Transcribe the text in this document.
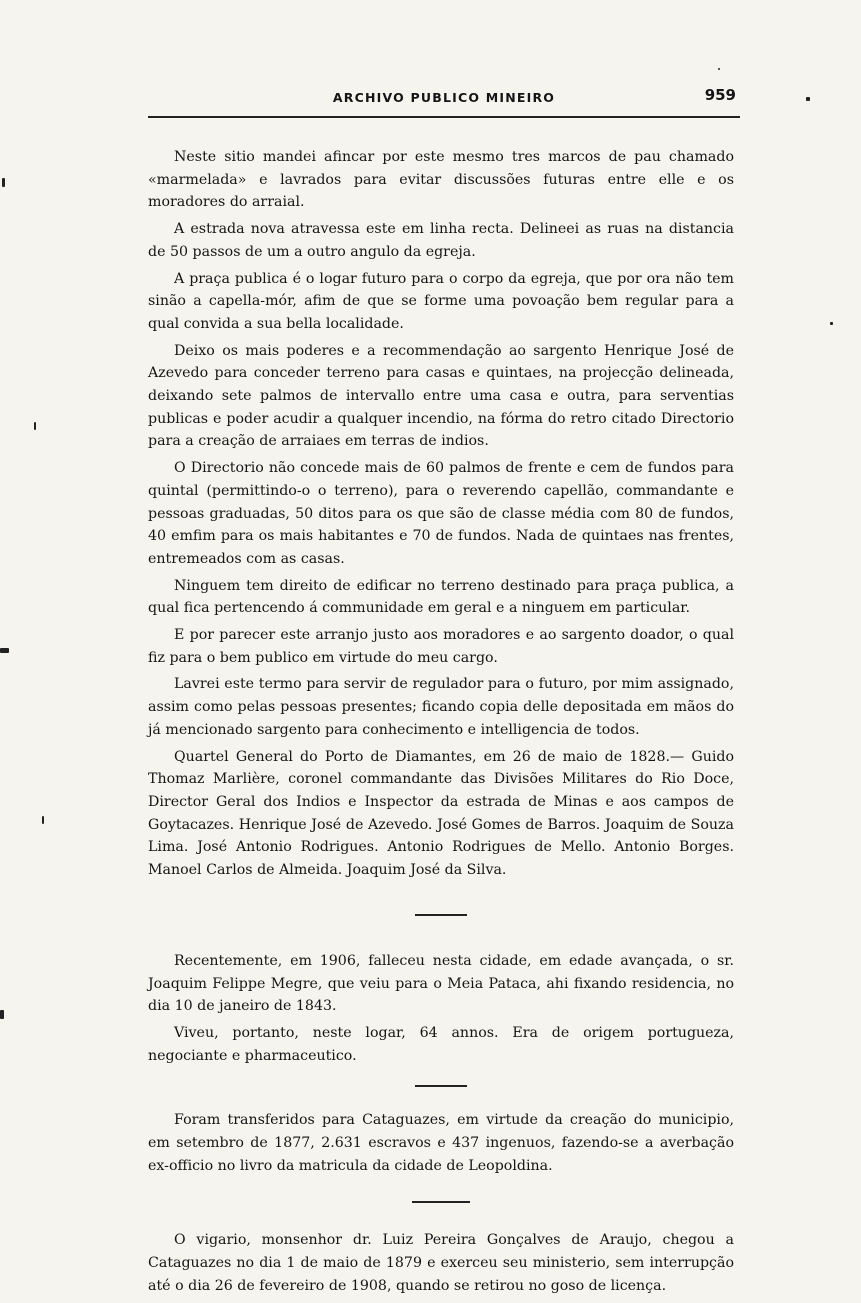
ARCHIVO PUBLICO MINEIRO	959

Neste sitio mandei afincar por este mesmo tres marcos de pau chamado «marmelada» e lavrados para evitar discussões futuras entre elle e os moradores do arraial.

A estrada nova atravessa este em linha recta. Delineei as ruas na distancia de 50 passos de um a outro angulo da egreja.

A praça publica é o logar futuro para o corpo da egreja, que por ora não tem sinão a capella-mór, afim de que se forme uma povoação bem regular para a qual convida a sua bella localidade.

Deixo os mais poderes e a recommendação ao sargento Henrique José de Azevedo para conceder terreno para casas e quintaes, na projecção delineada, deixando sete palmos de intervallo entre uma casa e outra, para serventias publicas e poder acudir a qualquer incendio, na fórma do retro citado Directorio para a creação de arraiaes em terras de indios.

O Directorio não concede mais de 60 palmos de frente e cem de fundos para quintal (permittindo-o o terreno), para o reverendo capellão, commandante e pessoas graduadas, 50 ditos para os que são de classe média com 80 de fundos, 40 emfim para os mais habitantes e 70 de fundos. Nada de quintaes nas frentes, entremeados com as casas.

Ninguem tem direito de edificar no terreno destinado para praça publica, a qual fica pertencendo á communidade em geral e a ninguem em particular.

E por parecer este arranjo justo aos moradores e ao sargento doador, o qual fiz para o bem publico em virtude do meu cargo.

Lavrei este termo para servir de regulador para o futuro, por mim assignado, assim como pelas pessoas presentes; ficando copia delle depositada em mãos do já mencionado sargento para conhecimento e intelligencia de todos.

Quartel General do Porto de Diamantes, em 26 de maio de 1828.— Guido Thomaz Marlière, coronel commandante das Divisões Militares do Rio Doce, Director Geral dos Indios e Inspector da estrada de Minas e aos campos de Goytacazes. Henrique José de Azevedo. José Gomes de Barros. Joaquim de Souza Lima. José Antonio Rodrigues. Antonio Rodrigues de Mello. Antonio Borges. Manoel Carlos de Almeida. Joaquim José da Silva.

Recentemente, em 1906, falleceu nesta cidade, em edade avançada, o sr. Joaquim Felippe Megre, que veiu para o Meia Pataca, ahi fixando residencia, no dia 10 de janeiro de 1843.

Viveu, portanto, neste logar, 64 annos. Era de origem portugueza, negociante e pharmaceutico.

Foram transferidos para Cataguazes, em virtude da creação do municipio, em setembro de 1877, 2.631 escravos e 437 ingenuos, fazendo-se a averbação ex-officio no livro da matricula da cidade de Leopoldina.

O vigario, monsenhor dr. Luiz Pereira Gonçalves de Araujo, chegou a Cataguazes no dia 1 de maio de 1879 e exerceu seu ministerio, sem interrupção até o dia 26 de fevereiro de 1908, quando se retirou no goso de licença.
